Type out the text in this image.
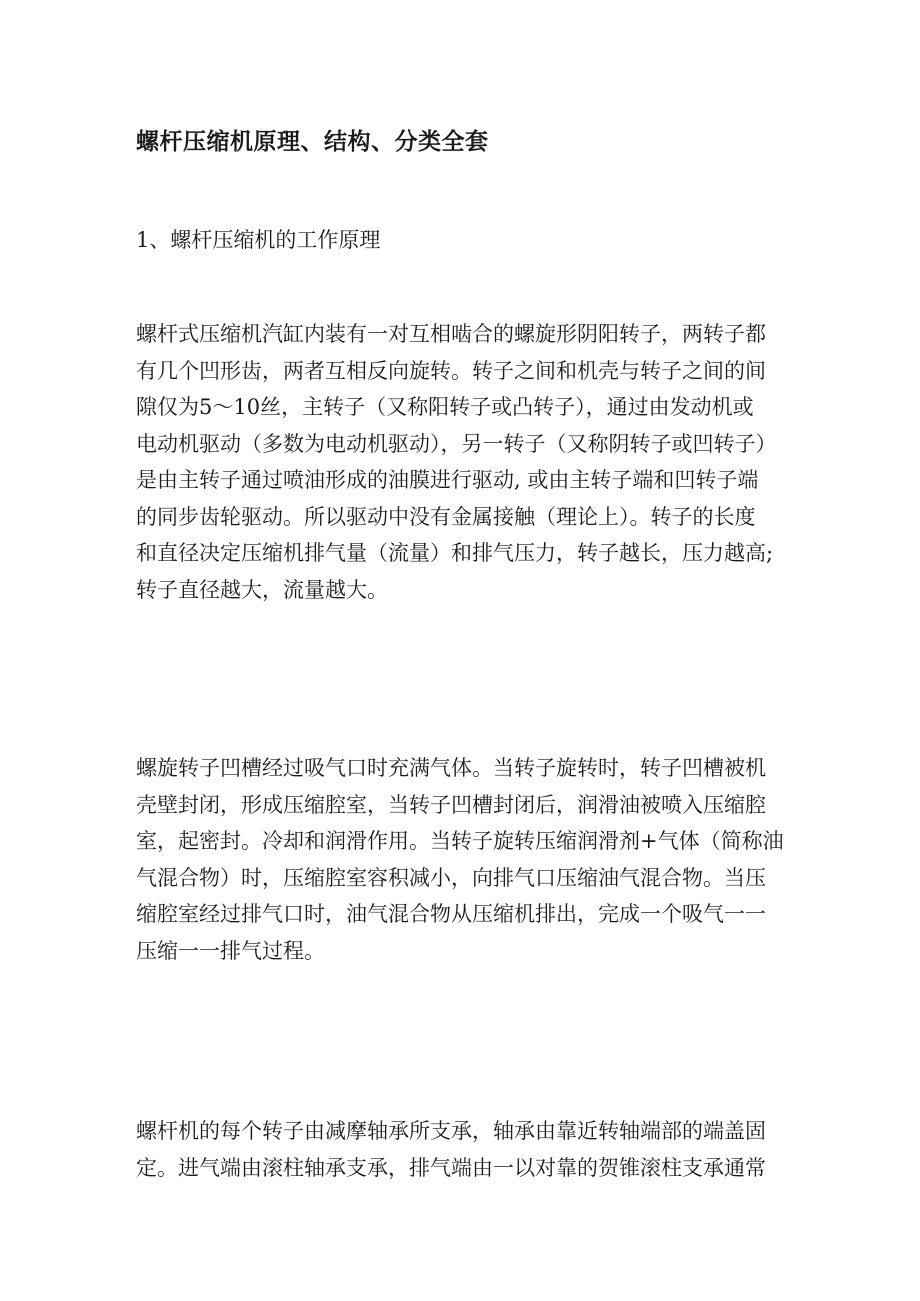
螺杆压缩机原理、结构、分类全套
1、螺杆压缩机的工作原理

螺杆式压缩机汽缸内装有一对互相啮合的螺旋形阴阳转子，两转子都
有几个凹形齿，两者互相反向旋转。转子之间和机壳与转子之间的间
隙仅为5～10丝，主转子（又称阳转子或凸转子），通过由发动机或
电动机驱动（多数为电动机驱动），另一转子（又称阴转子或凹转子）
是由主转子通过喷油形成的油膜进行驱动, 或由主转子端和凹转子端
的同步齿轮驱动。所以驱动中没有金属接触（理论上）。转子的长度
和直径决定压缩机排气量（流量）和排气压力，转子越长，压力越高;
转子直径越大，流量越大。

螺旋转子凹槽经过吸气口时充满气体。当转子旋转时，转子凹槽被机
壳壁封闭，形成压缩腔室，当转子凹槽封闭后，润滑油被喷入压缩腔
室，起密封。冷却和润滑作用。当转子旋转压缩润滑剂+气体（简称油
气混合物）时，压缩腔室容积减小，向排气口压缩油气混合物。当压
缩腔室经过排气口时，油气混合物从压缩机排出，完成一个吸气一一
压缩一一排气过程。

螺杆机的每个转子由减摩轴承所支承，轴承由靠近转轴端部的端盖固
定。进气端由滚柱轴承支承，排气端由一以对靠的贺锥滚柱支承通常
